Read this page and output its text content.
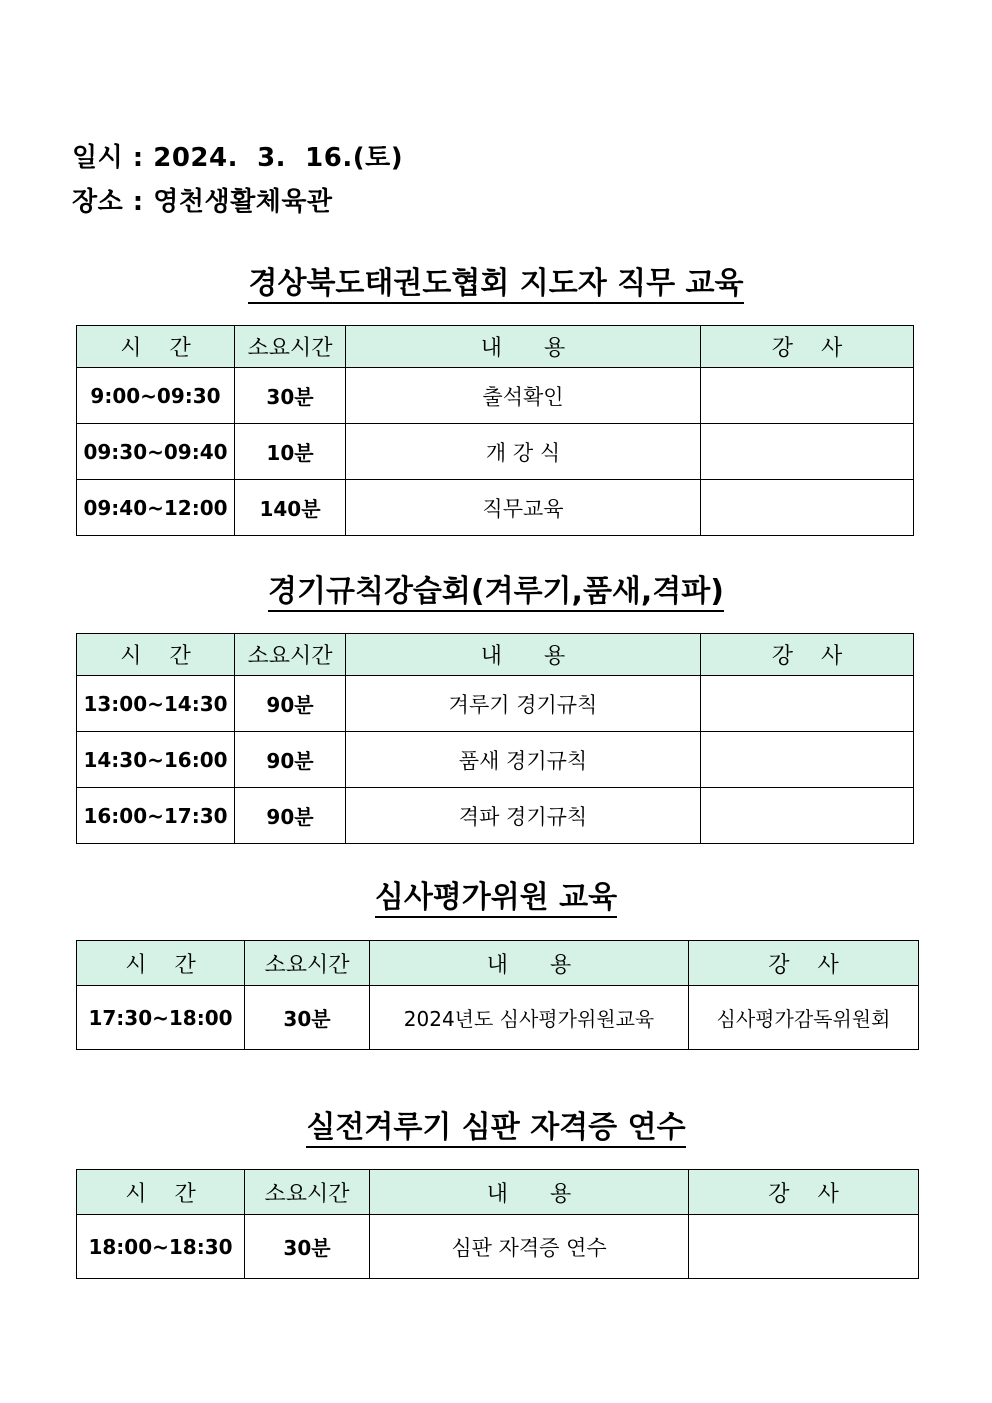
일시 : 2024.  3.  16.(토)
장소 : 영천생활체육관
경상북도태권도협회 지도자 직무 교육
시    간	소요시간	내      용	강    사
9:00~09:30	30분	출석확인	
09:30~09:40	10분	개 강 식	
09:40~12:00	140분	직무교육	
경기규칙강습회(겨루기,품새,격파)
시    간	소요시간	내      용	강    사
13:00~14:30	90분	겨루기 경기규칙	
14:30~16:00	90분	품새 경기규칙	
16:00~17:30	90분	격파 경기규칙	
심사평가위원 교육
시    간	소요시간	내      용	강    사
17:30~18:00	30분	2024년도 심사평가위원교육	심사평가감독위원회
실전겨루기 심판 자격증 연수
시    간	소요시간	내      용	강    사
18:00~18:30	30분	심판 자격증 연수	
